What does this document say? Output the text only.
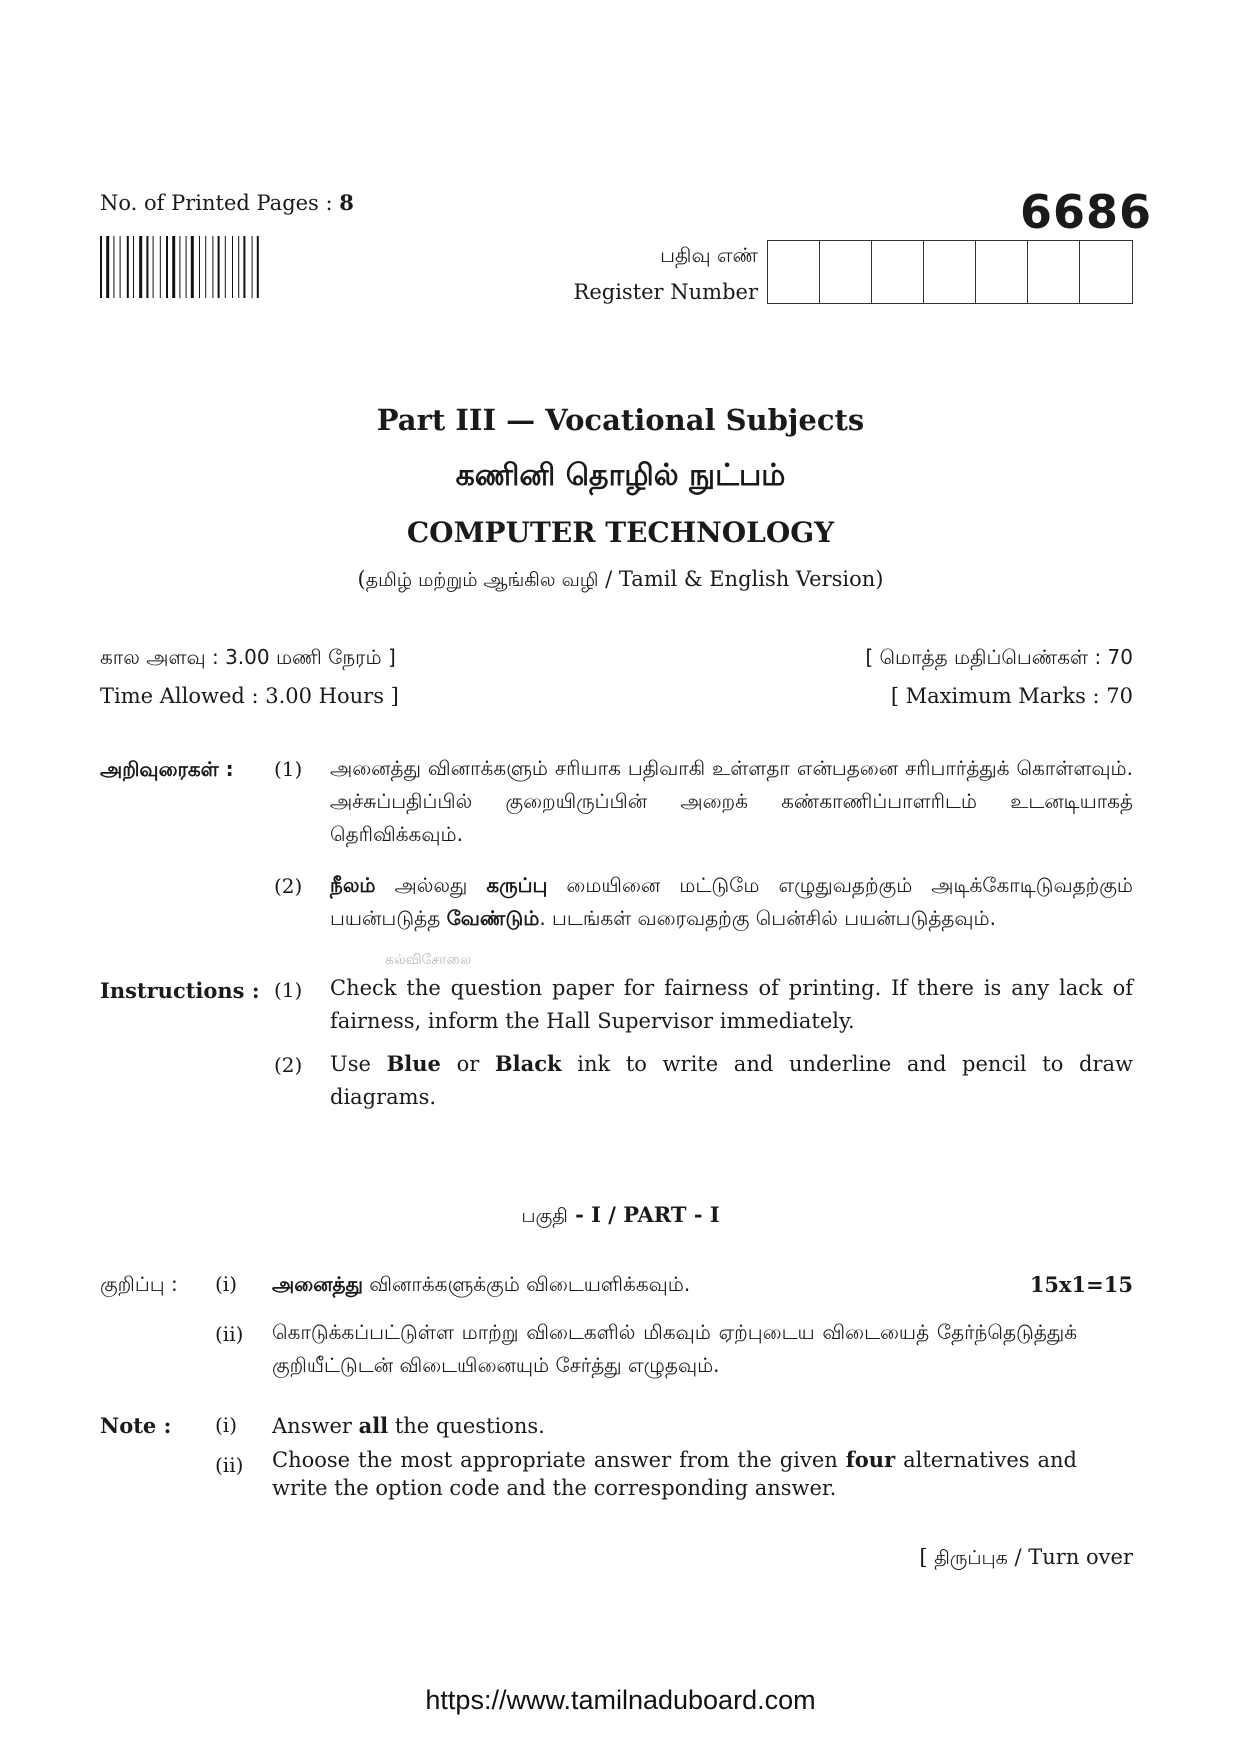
No. of Printed Pages : 8	6686
பதிவு எண்
Register Number
Part III — Vocational Subjects
கணினி தொழில் நுட்பம்
COMPUTER TECHNOLOGY
(தமிழ் மற்றும் ஆங்கில வழி / Tamil & English Version)
கால அளவு : 3.00 மணி நேரம் ]	[ மொத்த மதிப்பெண்கள் : 70
Time Allowed : 3.00 Hours ]	[ Maximum Marks : 70
அறிவுரைகள் : (1) அனைத்து வினாக்களும் சரியாக பதிவாகி உள்ளதா என்பதனை சரிபார்த்துக் கொள்ளவும். அச்சுப்பதிப்பில் குறையிருப்பின் அறைக் கண்காணிப்பாளரிடம் உடனடியாகத் தெரிவிக்கவும்.
(2) நீலம் அல்லது கருப்பு மையினை மட்டுமே எழுதுவதற்கும் அடிக்கோடிடுவதற்கும் பயன்படுத்த வேண்டும். படங்கள் வரைவதற்கு பென்சில் பயன்படுத்தவும்.
கல்விசோலை
Instructions : (1) Check the question paper for fairness of printing. If there is any lack of fairness, inform the Hall Supervisor immediately.
(2) Use Blue or Black ink to write and underline and pencil to draw diagrams.
பகுதி - I / PART - I
குறிப்பு : (i) அனைத்து வினாக்களுக்கும் விடையளிக்கவும்.	15x1=15
(ii) கொடுக்கப்பட்டுள்ள மாற்று விடைகளில் மிகவும் ஏற்புடைய விடையைத் தேர்ந்தெடுத்துக் குறியீட்டுடன் விடையினையும் சேர்த்து எழுதவும்.
Note : (i) Answer all the questions.
(ii) Choose the most appropriate answer from the given four alternatives and write the option code and the corresponding answer.
[ திருப்புக / Turn over
https://www.tamilnaduboard.com
